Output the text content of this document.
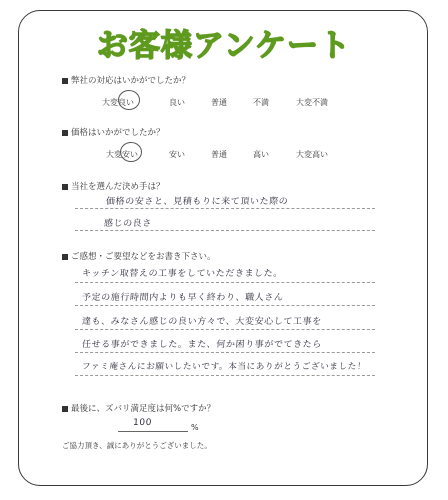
お客様アンケート
弊社の対応はいかがでしたか？
大変良い	良い	普通	不満	大変不満
価格はいかがでしたか？
大変安い	安い	普通	高い	大変高い
当社を選んだ決め手は？
価格の安さと、見積もりに来て頂いた際の
感じの良さ
ご感想・ご要望などをお書き下さい。
キッチン取替えの工事をしていただきました。
予定の施行時間内よりも早く終わり、職人さん
達も、みなさん感じの良い方々で、大変安心して工事を
任せる事ができました。また、何か困り事がでてきたら
ファミ庵さんにお願いしたいです。本当にありがとうございました！
最後に、ズバリ満足度は何%ですか？
100	%
ご協力頂き、誠にありがとうございました。
